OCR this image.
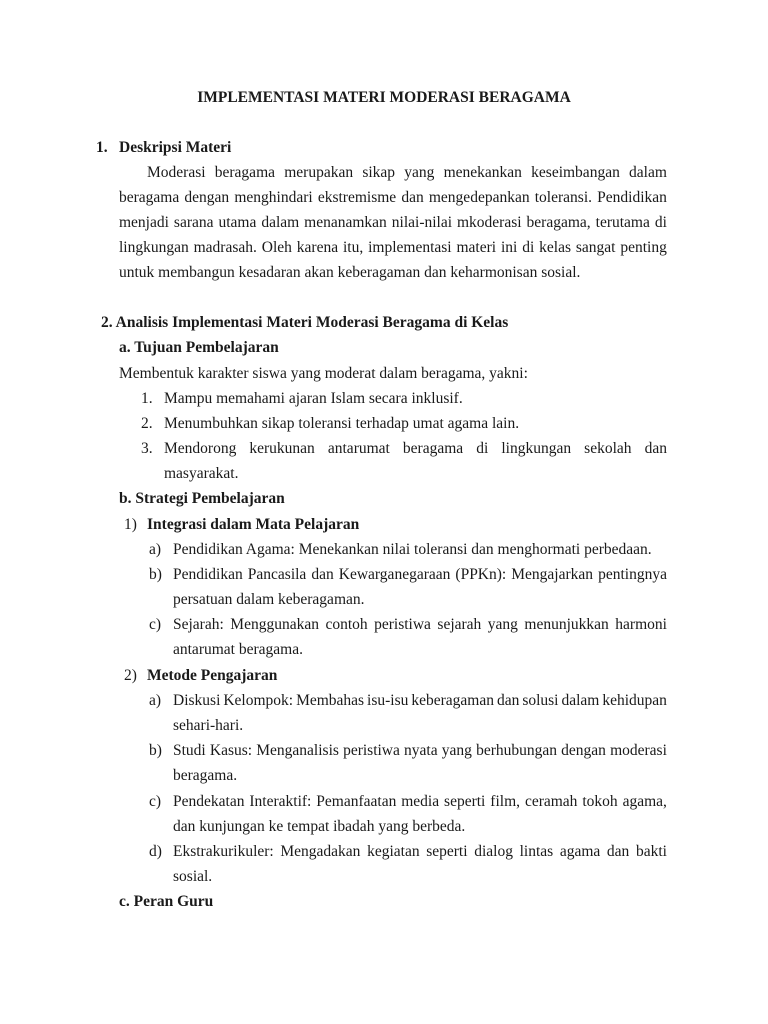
IMPLEMENTASI MATERI MODERASI BERAGAMA
1. Deskripsi Materi
Moderasi beragama merupakan sikap yang menekankan keseimbangan dalam
beragama dengan menghindari ekstremisme dan mengedepankan toleransi. Pendidikan
menjadi sarana utama dalam menanamkan nilai-nilai mkoderasi beragama, terutama di
lingkungan madrasah. Oleh karena itu, implementasi materi ini di kelas sangat penting
untuk membangun kesadaran akan keberagaman dan keharmonisan sosial.
2. Analisis Implementasi Materi Moderasi Beragama di Kelas
a. Tujuan Pembelajaran
Membentuk karakter siswa yang moderat dalam beragama, yakni:
1. Mampu memahami ajaran Islam secara inklusif.
2. Menumbuhkan sikap toleransi terhadap umat agama lain.
3. Mendorong kerukunan antarumat beragama di lingkungan sekolah dan
masyarakat.
b. Strategi Pembelajaran
1) Integrasi dalam Mata Pelajaran
a) Pendidikan Agama: Menekankan nilai toleransi dan menghormati perbedaan.
b) Pendidikan Pancasila dan Kewarganegaraan (PPKn): Mengajarkan pentingnya
persatuan dalam keberagaman.
c) Sejarah: Menggunakan contoh peristiwa sejarah yang menunjukkan harmoni
antarumat beragama.
2) Metode Pengajaran
a) Diskusi Kelompok: Membahas isu-isu keberagaman dan solusi dalam kehidupan
sehari-hari.
b) Studi Kasus: Menganalisis peristiwa nyata yang berhubungan dengan moderasi
beragama.
c) Pendekatan Interaktif: Pemanfaatan media seperti film, ceramah tokoh agama,
dan kunjungan ke tempat ibadah yang berbeda.
d) Ekstrakurikuler: Mengadakan kegiatan seperti dialog lintas agama dan bakti
sosial.
c. Peran Guru
